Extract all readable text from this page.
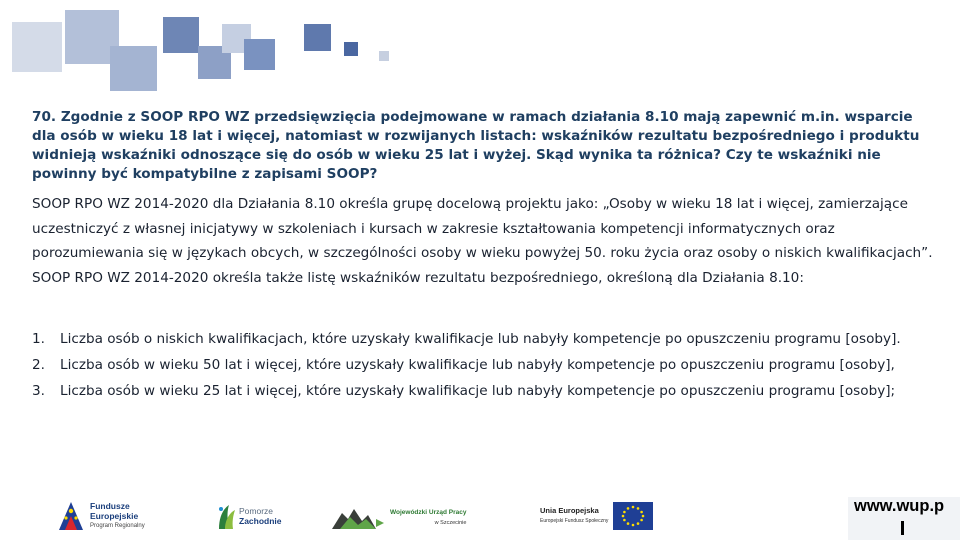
70. Zgodnie z SOOP RPO WZ przedsięwzięcia podejmowane w ramach działania 8.10 mają zapewnić m.in. wsparcie dla osób w wieku 18 lat i więcej, natomiast w rozwijanych listach: wskaźników rezultatu bezpośredniego i produktu widnieją wskaźniki odnoszące się do osób w wieku 25 lat i wyżej. Skąd wynika ta różnica? Czy te wskaźniki nie powinny być kompatybilne z zapisami SOOP?

SOOP RPO WZ 2014-2020 dla Działania 8.10 określa grupę docelową projektu jako: „Osoby w wieku 18 lat i więcej, zamierzające uczestniczyć z własnej inicjatywy w szkoleniach i kursach w zakresie kształtowania kompetencji informatycznych oraz porozumiewania się w językach obcych, w szczególności osoby w wieku powyżej 50. roku życia oraz osoby o niskich kwalifikacjach”. SOOP RPO WZ 2014-2020 określa także listę wskaźników rezultatu bezpośredniego, określoną dla Działania 8.10:

1. Liczba osób o niskich kwalifikacjach, które uzyskały kwalifikacje lub nabyły kompetencje po opuszczeniu programu [osoby].
2. Liczba osób w wieku 50 lat i więcej, które uzyskały kwalifikacje lub nabyły kompetencje po opuszczeniu programu [osoby],
3. Liczba osób w wieku 25 lat i więcej, które uzyskały kwalifikacje lub nabyły kompetencje po opuszczeniu programu [osoby];
Fundusze
Europejskie
Program Regionalny
Pomorze
Zachodnie
Wojewódzki Urząd Pracy
w Szczecinie
Unia Europejska
Europejski Fundusz Społeczny
www.wup.p
